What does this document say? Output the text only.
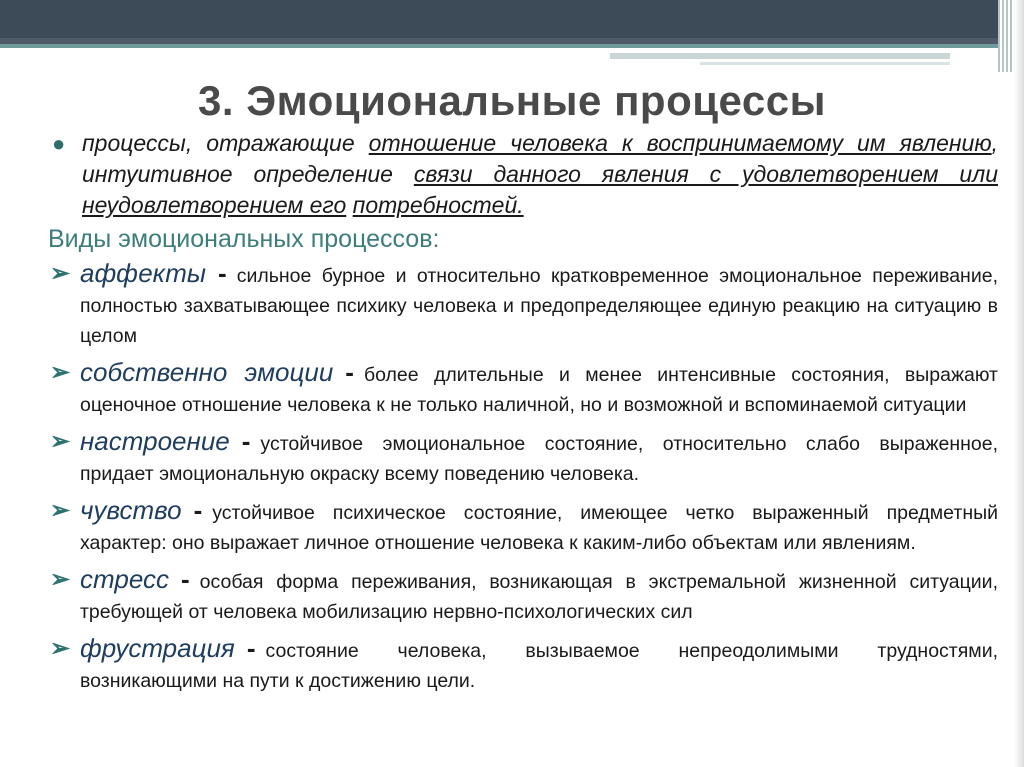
3. Эмоциональные процессы
● процессы, отражающие отношение человека к воспринимаемому им явлению, интуитивное определение связи данного явления с удовлетворением или неудовлетворением его потребностей.
Виды эмоциональных процессов:
➢ аффекты - сильное бурное и относительно кратковременное эмоциональное переживание, полностью захватывающее психику человека и предопределяющее единую реакцию на ситуацию в целом
➢ собственно эмоции - более длительные и менее интенсивные состояния, выражают оценочное отношение человека к не только наличной, но и возможной и вспоминаемой ситуации
➢ настроение - устойчивое эмоциональное состояние, относительно слабо выраженное, придает эмоциональную окраску всему поведению человека.
➢ чувство - устойчивое психическое состояние, имеющее четко выраженный предметный характер: оно выражает личное отношение человека к каким-либо объектам или явлениям.
➢ стресс - особая форма переживания, возникающая в экстремальной жизненной ситуации, требующей от человека мобилизацию нервно-психологических сил
➢ фрустрация - состояние человека, вызываемое непреодолимыми трудностями, возникающими на пути к достижению цели.
